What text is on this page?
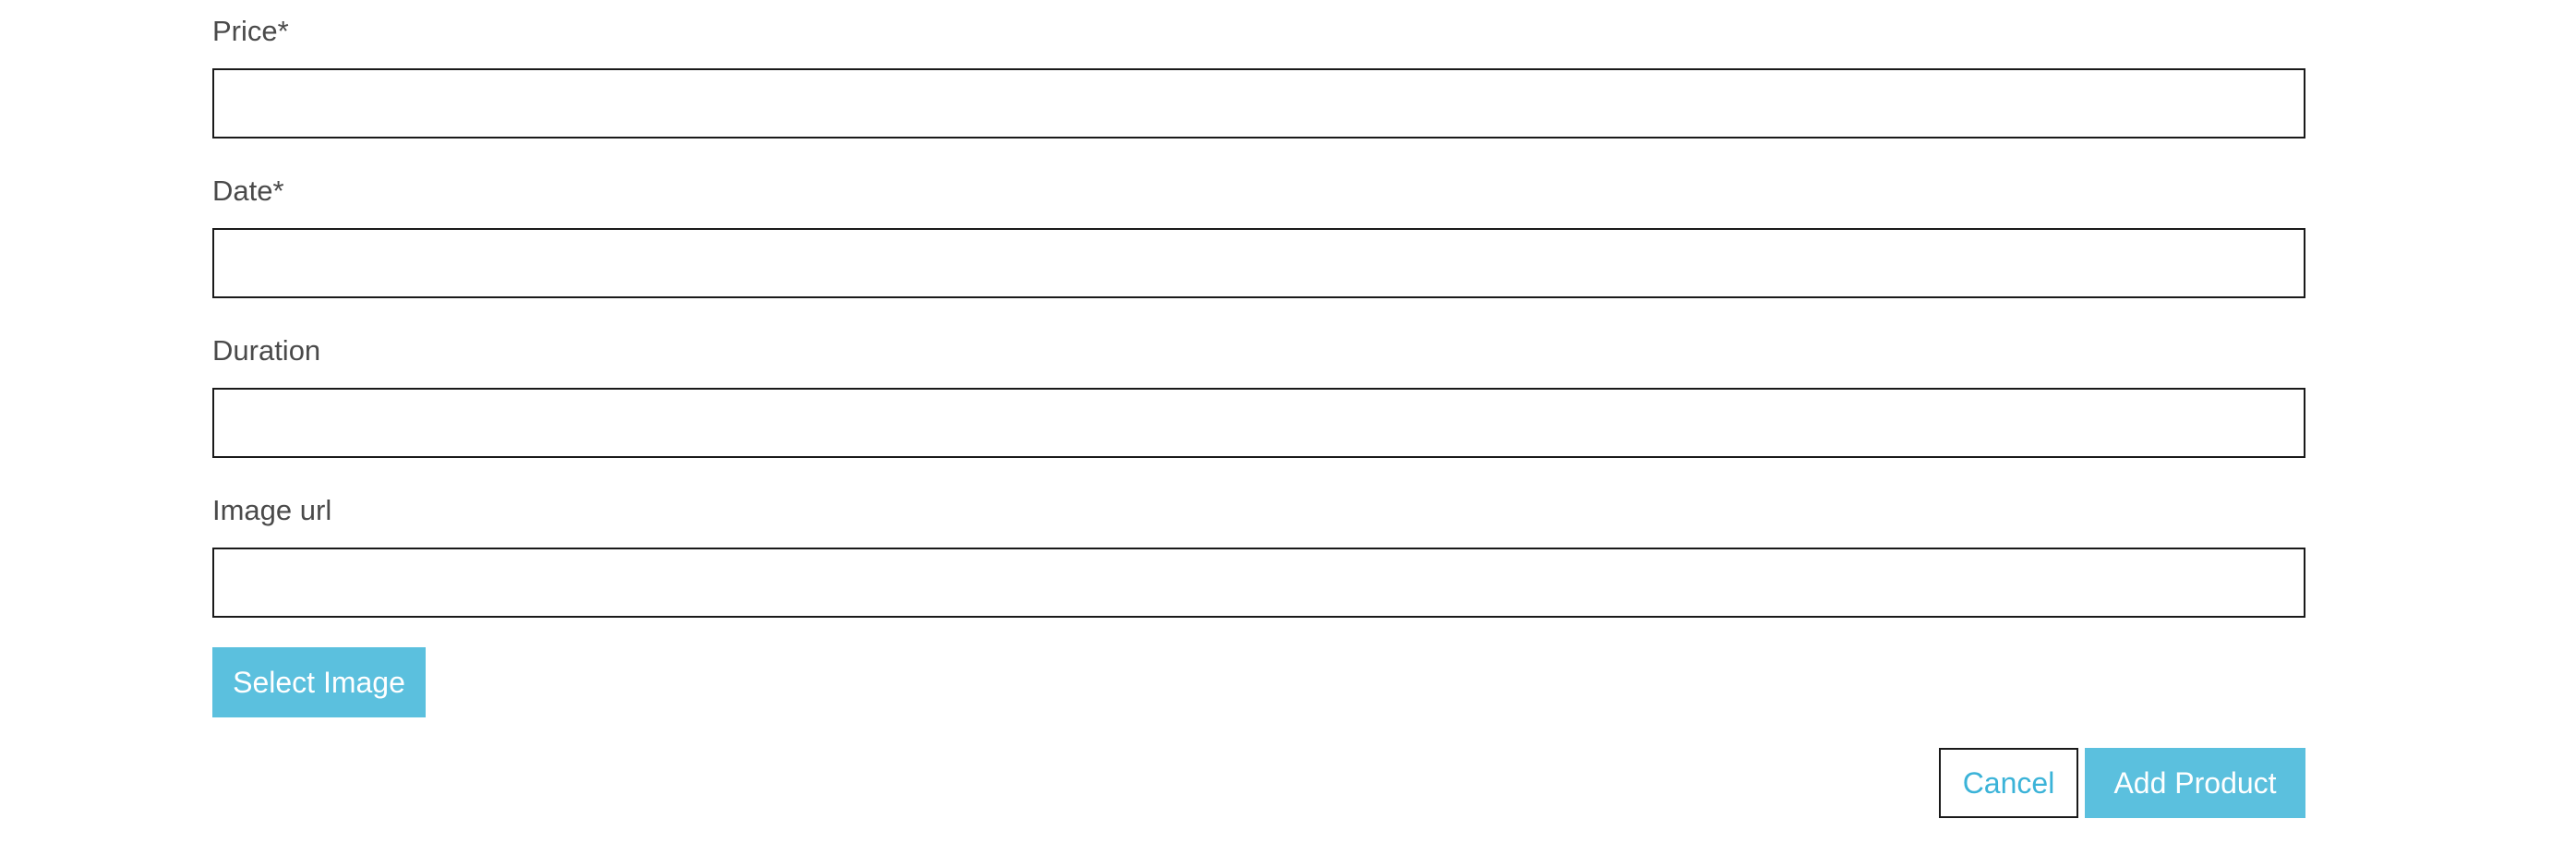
Price*
Date*
Duration
Image url
Select Image
Cancel	Add Product
